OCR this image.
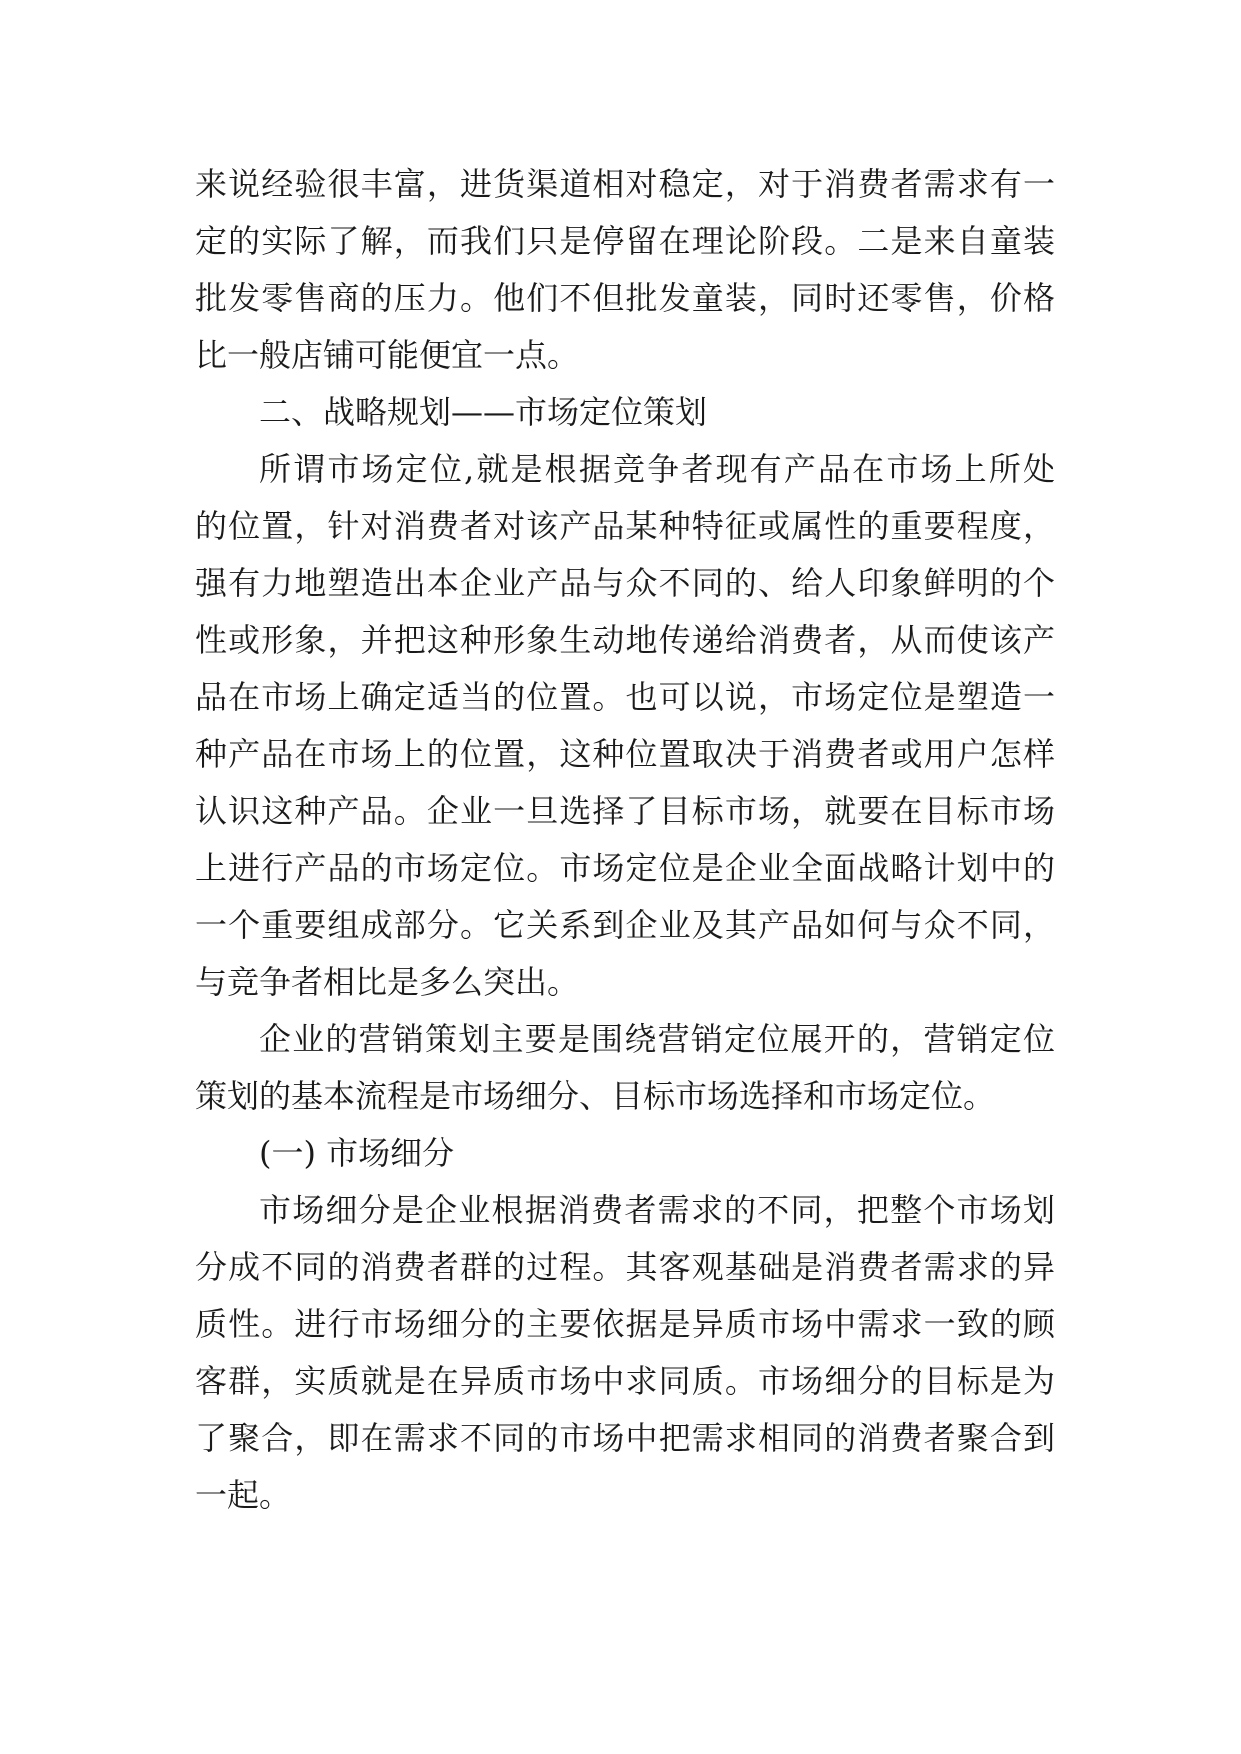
来说经验很丰富，进货渠道相对稳定，对于消费者需求有一
定的实际了解，而我们只是停留在理论阶段。二是来自童装
批发零售商的压力。他们不但批发童装，同时还零售，价格
比一般店铺可能便宜一点。
二、战略规划——市场定位策划
所谓市场定位,就是根据竞争者现有产品在市场上所处
的位置，针对消费者对该产品某种特征或属性的重要程度，
强有力地塑造出本企业产品与众不同的、给人印象鲜明的个
性或形象，并把这种形象生动地传递给消费者，从而使该产
品在市场上确定适当的位置。也可以说，市场定位是塑造一
种产品在市场上的位置，这种位置取决于消费者或用户怎样
认识这种产品。企业一旦选择了目标市场，就要在目标市场
上进行产品的市场定位。市场定位是企业全面战略计划中的
一个重要组成部分。它关系到企业及其产品如何与众不同，
与竞争者相比是多么突出。
企业的营销策划主要是围绕营销定位展开的，营销定位
策划的基本流程是市场细分、目标市场选择和市场定位。
(一) 市场细分
市场细分是企业根据消费者需求的不同，把整个市场划
分成不同的消费者群的过程。其客观基础是消费者需求的异
质性。进行市场细分的主要依据是异质市场中需求一致的顾
客群，实质就是在异质市场中求同质。市场细分的目标是为
了聚合，即在需求不同的市场中把需求相同的消费者聚合到
一起。
